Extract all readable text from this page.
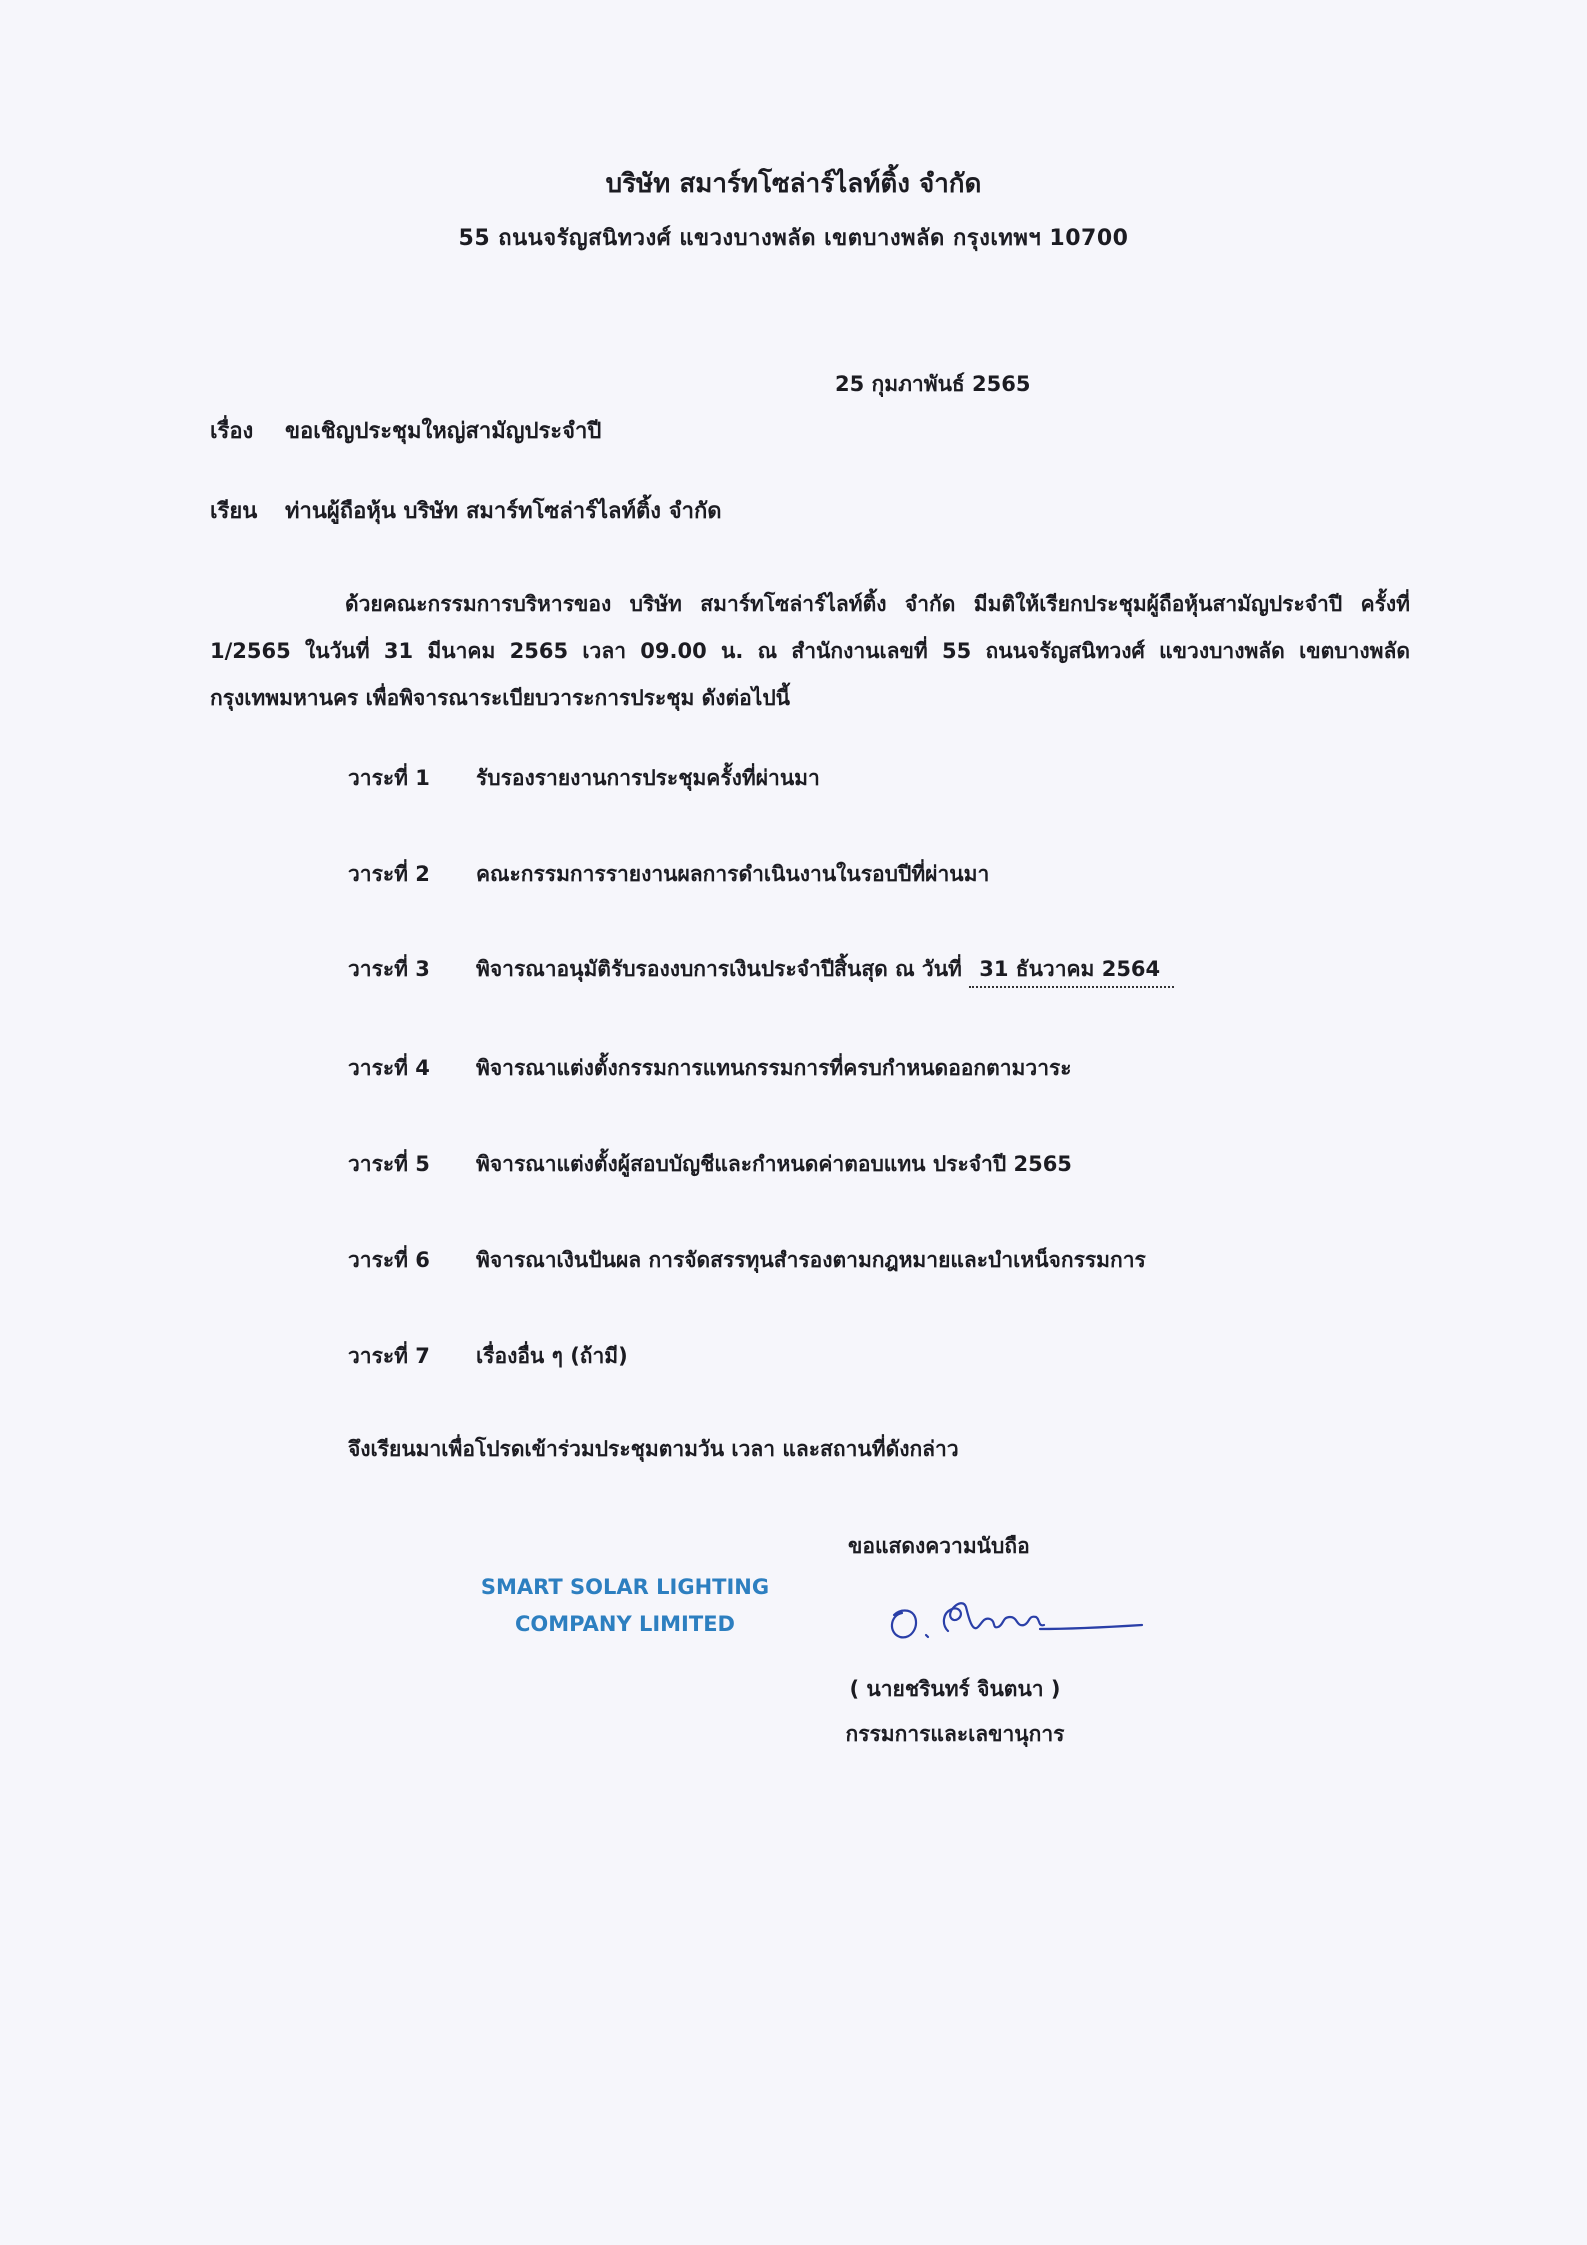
บริษัท สมาร์ทโซล่าร์ไลท์ติ้ง จำกัด
55 ถนนจรัญสนิทวงศ์ แขวงบางพลัด เขตบางพลัด กรุงเทพฯ 10700
25 กุมภาพันธ์ 2565
เรื่อง ขอเชิญประชุมใหญ่สามัญประจำปี
เรียน ท่านผู้ถือหุ้น บริษัท สมาร์ทโซล่าร์ไลท์ติ้ง จำกัด
ด้วยคณะกรรมการบริหารของ บริษัท สมาร์ทโซล่าร์ไลท์ติ้ง จำกัด มีมติให้เรียกประชุมผู้ถือหุ้นสามัญประจำปี ครั้งที่ 1/2565 ในวันที่ 31 มีนาคม 2565 เวลา 09.00 น. ณ สำนักงานเลขที่ 55 ถนนจรัญสนิทวงศ์ แขวงบางพลัด เขตบางพลัด กรุงเทพมหานคร เพื่อพิจารณาระเบียบวาระการประชุม ดังต่อไปนี้
วาระที่ 1 รับรองรายงานการประชุมครั้งที่ผ่านมา
วาระที่ 2 คณะกรรมการรายงานผลการดำเนินงานในรอบปีที่ผ่านมา
วาระที่ 3 พิจารณาอนุมัติรับรองงบการเงินประจำปีสิ้นสุด ณ วันที่ 31 ธันวาคม 2564
วาระที่ 4 พิจารณาแต่งตั้งกรรมการแทนกรรมการที่ครบกำหนดออกตามวาระ
วาระที่ 5 พิจารณาแต่งตั้งผู้สอบบัญชีและกำหนดค่าตอบแทน ประจำปี 2565
วาระที่ 6 พิจารณาเงินปันผล การจัดสรรทุนสำรองตามกฎหมายและบำเหน็จกรรมการ
วาระที่ 7 เรื่องอื่น ๆ (ถ้ามี)
จึงเรียนมาเพื่อโปรดเข้าร่วมประชุมตามวัน เวลา และสถานที่ดังกล่าว
ขอแสดงความนับถือ
SMART SOLAR LIGHTING
COMPANY LIMITED
( นายชรินทร์ จินตนา )
กรรมการและเลขานุการ
